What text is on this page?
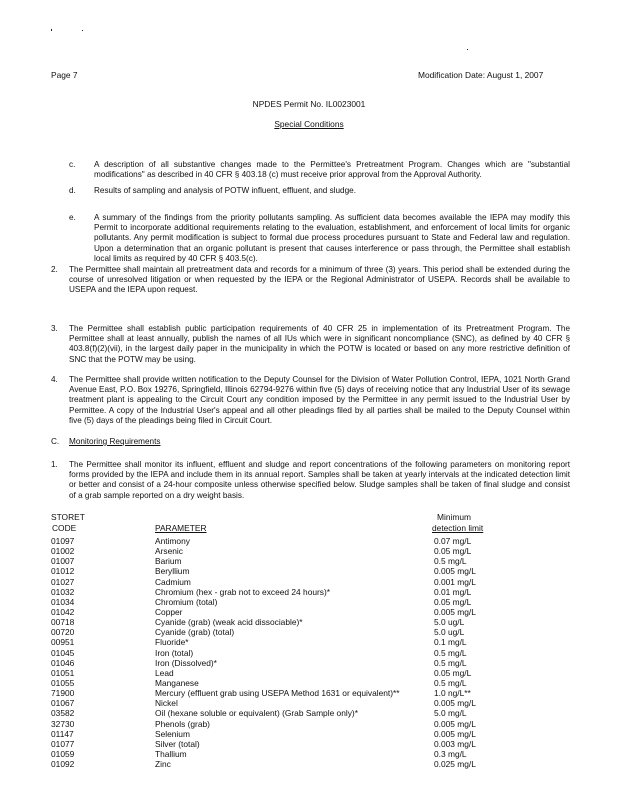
Page 7	Modification Date: August 1, 2007
NPDES Permit No. IL0023001
Special Conditions
c. A description of all substantive changes made to the Permittee's Pretreatment Program. Changes which are "substantial modifications" as described in 40 CFR § 403.18 (c) must receive prior approval from the Approval Authority.
d. Results of sampling and analysis of POTW influent, effluent, and sludge.
e. A summary of the findings from the priority pollutants sampling. As sufficient data becomes available the IEPA may modify this Permit to incorporate additional requirements relating to the evaluation, establishment, and enforcement of local limits for organic pollutants. Any permit modification is subject to formal due process procedures pursuant to State and Federal law and regulation. Upon a determination that an organic pollutant is present that causes interference or pass through, the Permittee shall establish local limits as required by 40 CFR § 403.5(c).
2. The Permittee shall maintain all pretreatment data and records for a minimum of three (3) years. This period shall be extended during the course of unresolved litigation or when requested by the IEPA or the Regional Administrator of USEPA. Records shall be available to USEPA and the IEPA upon request.
3. The Permittee shall establish public participation requirements of 40 CFR 25 in implementation of its Pretreatment Program. The Permittee shall at least annually, publish the names of all IUs which were in significant noncompliance (SNC), as defined by 40 CFR § 403.8(f)(2)(vii), in the largest daily paper in the municipality in which the POTW is located or based on any more restrictive definition of SNC that the POTW may be using.
4. The Permittee shall provide written notification to the Deputy Counsel for the Division of Water Pollution Control, IEPA, 1021 North Grand Avenue East, P.O. Box 19276, Springfield, Illinois 62794-9276 within five (5) days of receiving notice that any Industrial User of its sewage treatment plant is appealing to the Circuit Court any condition imposed by the Permittee in any permit issued to the Industrial User by Permittee. A copy of the Industrial User's appeal and all other pleadings filed by all parties shall be mailed to the Deputy Counsel within five (5) days of the pleadings being filed in Circuit Court.
C. Monitoring Requirements
1. The Permittee shall monitor its influent, effluent and sludge and report concentrations of the following parameters on monitoring report forms provided by the IEPA and include them in its annual report. Samples shall be taken at yearly intervals at the indicated detection limit or better and consist of a 24-hour composite unless otherwise specified below. Sludge samples shall be taken of final sludge and consist of a grab sample reported on a dry weight basis.
STORET
CODE	PARAMETER
Minimum
detection limit
01097	Antimony	0.07 mg/L
01002	Arsenic	0.05 mg/L
01007	Barium	0.5 mg/L
01012	Beryllium	0.005 mg/L
01027	Cadmium	0.001 mg/L
01032	Chromium (hex - grab not to exceed 24 hours)*	0.01 mg/L
01034	Chromium (total)	0.05 mg/L
01042	Copper	0.005 mg/L
00718	Cyanide (grab) (weak acid dissociable)*	5.0 ug/L
00720	Cyanide (grab) (total)	5.0 ug/L
00951	Fluoride*	0.1 mg/L
01045	Iron (total)	0.5 mg/L
01046	Iron (Dissolved)*	0.5 mg/L
01051	Lead	0.05 mg/L
01055	Manganese	0.5 mg/L
71900	Mercury (effluent grab using USEPA Method 1631 or equivalent)**	1.0 ng/L**
01067	Nickel	0.005 mg/L
03582	Oil (hexane soluble or equivalent) (Grab Sample only)*	5.0 mg/L
32730	Phenols (grab)	0.005 mg/L
01147	Selenium	0.005 mg/L
01077	Silver (total)	0.003 mg/L
01059	Thallium	0.3 mg/L
01092	Zinc	0.025 mg/L
